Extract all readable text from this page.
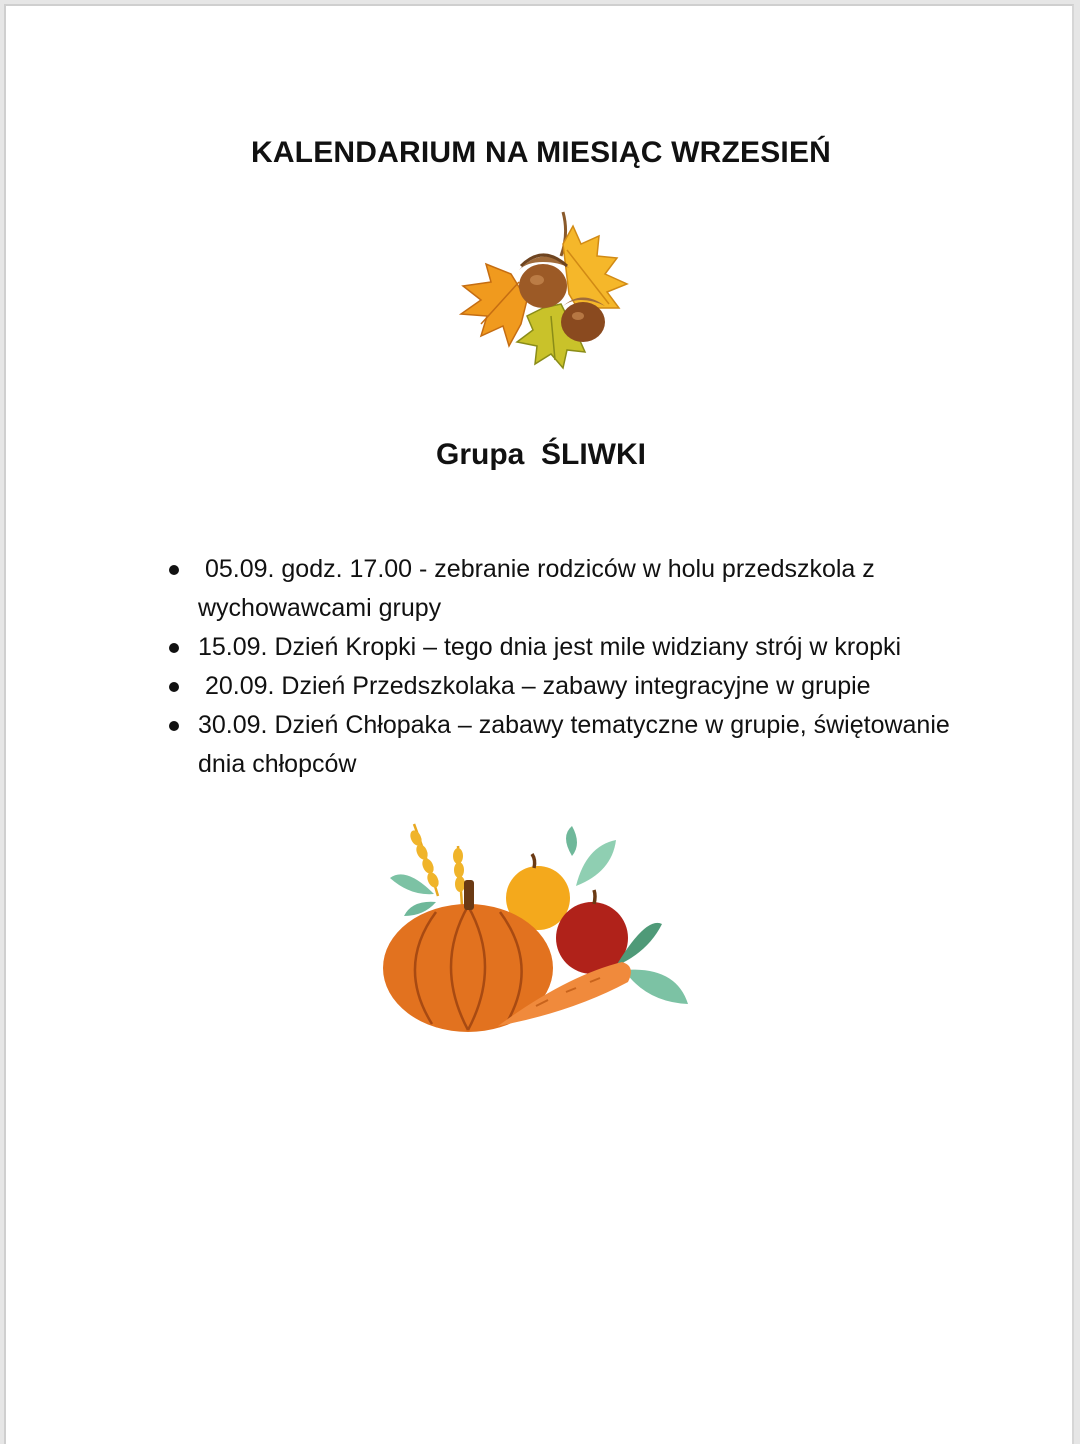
KALENDARIUM NA MIESIĄC WRZESIEŃ
Grupa  ŚLIWKI
05.09. godz. 17.00 - zebranie rodziców w holu przedszkola z wychowawcami grupy
15.09. Dzień Kropki – tego dnia jest mile widziany strój w kropki
20.09. Dzień Przedszkolaka – zabawy integracyjne w grupie
30.09. Dzień Chłopaka – zabawy tematyczne w grupie, świętowanie dnia chłopców
